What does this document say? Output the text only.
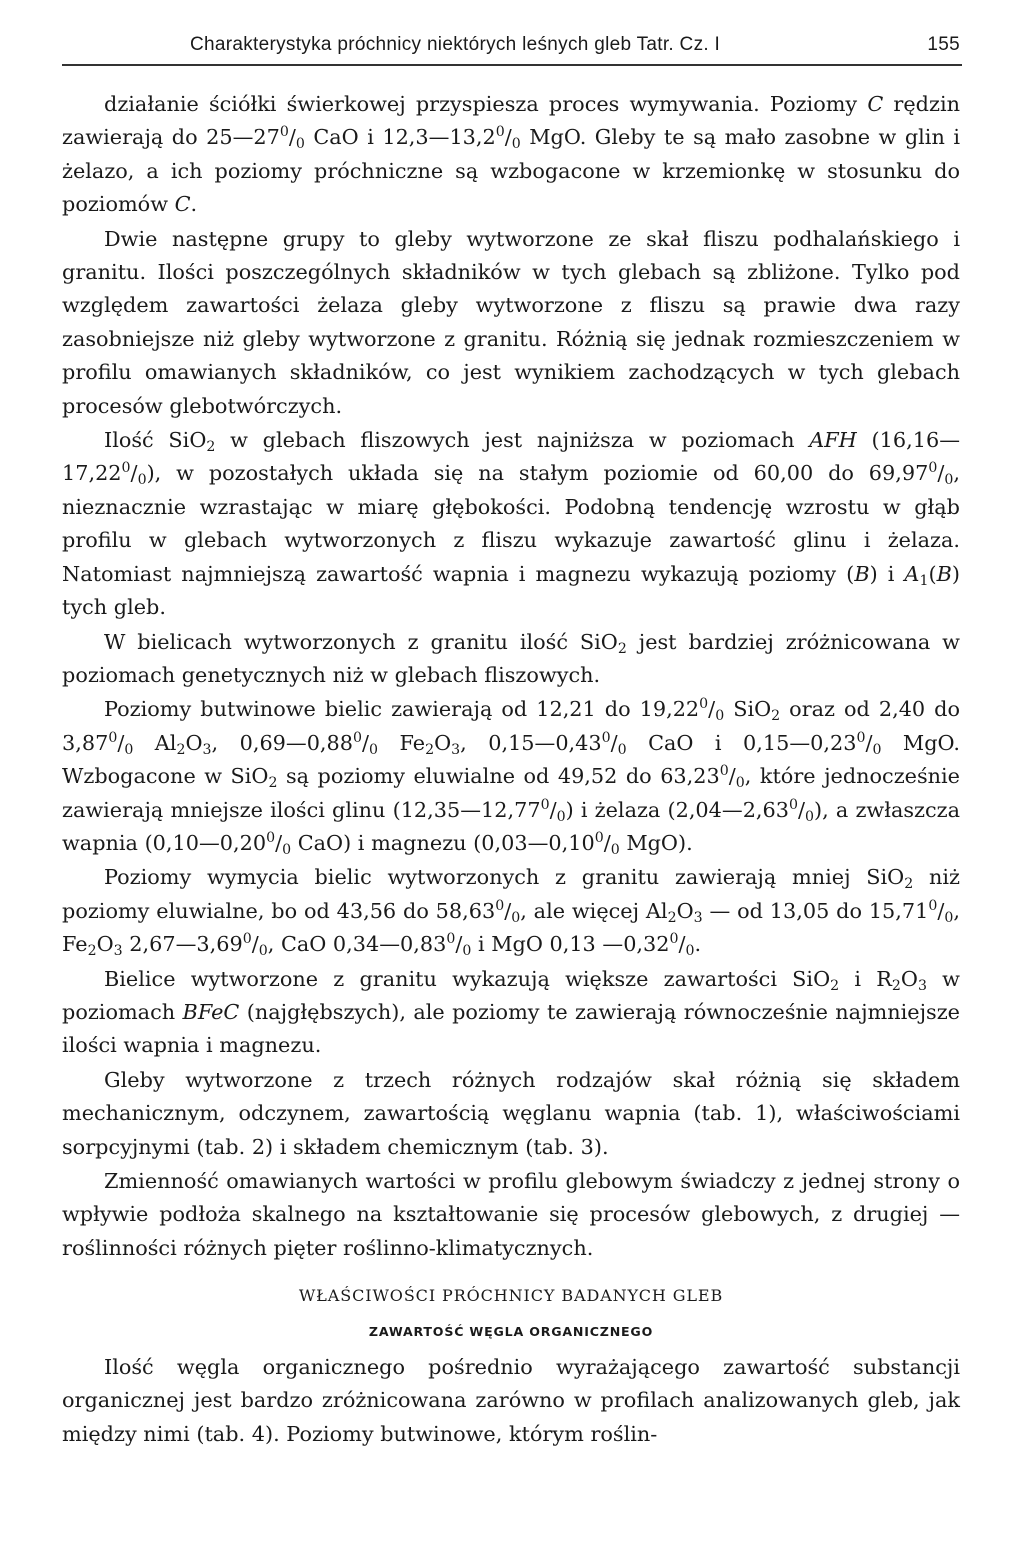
Charakterystyka próchnicy niektórych leśnych gleb Tatr. Cz. I	155

działanie ściółki świerkowej przyspiesza proces wymywania. Poziomy C rędzin zawierają do $25—27^0/_0$ CaO i $12,3—13,2^0/_0$ MgO. Gleby te są mało zasobne w glin i żelazo, a ich poziomy próchniczne są wzbogacone w krzemionkę w stosunku do poziomów C.

Dwie następne grupy to gleby wytworzone ze skał fliszu podhalańskiego i granitu. Ilości poszczególnych składników w tych glebach są zbliżone. Tylko pod względem zawartości żelaza gleby wytworzone z fliszu są prawie dwa razy zasobniejsze niż gleby wytworzone z granitu. Różnią się jednak rozmieszczeniem w profilu omawianych składników, co jest wynikiem zachodzących w tych glebach procesów glebotwórczych.

Ilość SiO$_2$ w glebach fliszowych jest najniższa w poziomach AFH $(16,16—17,22^0/_0)$, w pozostałych układa się na stałym poziomie od 60,00 do $69,97^0/_0$, nieznacznie wzrastając w miarę głębokości. Podobną tendencję wzrostu w głąb profilu w glebach wytworzonych z fliszu wykazuje zawartość glinu i żelaza. Natomiast najmniejszą zawartość wapnia i magnezu wykazują poziomy (B) i $A_1(B)$ tych gleb.

W bielicach wytworzonych z granitu ilość SiO$_2$ jest bardziej zróżnicowana w poziomach genetycznych niż w glebach fliszowych.

Poziomy butwinowe bielic zawierają od 12,21 do $19,22^0/_0$ SiO$_2$ oraz od 2,40 do $3,87^0/_0$ $Al_2O_3$, $0,69—0,88^0/_0$ $Fe_2O_3$, $0,15—0,43^0/_0$ CaO i $0,15—0,23^0/_0$ MgO. Wzbogacone w SiO$_2$ są poziomy eluwialne od 49,52 do $63,23^0/_0$, które jednocześnie zawierają mniejsze ilości glinu $(12,35—12,77^0/_0)$ i żelaza $(2,04—2,63^0/_0)$, a zwłaszcza wapnia ($0,10—0,20^0/_0$ CaO) i magnezu ($0,03—0,10^0/_0$ MgO).

Poziomy wymycia bielic wytworzonych z granitu zawierają mniej SiO$_2$ niż poziomy eluwialne, bo od 43,56 do $58,63^0/_0$, ale więcej $Al_2O_3$ — od 13,05 do $15,71^0/_0$, $Fe_2O_3$ $2,67—3,69^0/_0$, CaO $0,34—0,83^0/_0$ i MgO 0,13 $—0,32^0/_0$.

Bielice wytworzone z granitu wykazują większe zawartości SiO$_2$ i $R_2O_3$ w poziomach BFeC (najgłębszych), ale poziomy te zawierają równocześnie najmniejsze ilości wapnia i magnezu.

Gleby wytworzone z trzech różnych rodzajów skał różnią się składem mechanicznym, odczynem, zawartością węglanu wapnia (tab. 1), właściwościami sorpcyjnymi (tab. 2) i składem chemicznym (tab. 3).

Zmienność omawianych wartości w profilu glebowym świadczy z jednej strony o wpływie podłoża skalnego na kształtowanie się procesów glebowych, z drugiej — roślinności różnych pięter roślinno-klimatycznych.

WŁAŚCIWOŚCI PRÓCHNICY BADANYCH GLEB
ZAWARTOŚĆ WĘGLA ORGANICZNEGO

Ilość węgla organicznego pośrednio wyrażającego zawartość substancji organicznej jest bardzo zróżnicowana zarówno w profilach analizowanych gleb, jak między nimi (tab. 4). Poziomy butwinowe, którym roślin-
